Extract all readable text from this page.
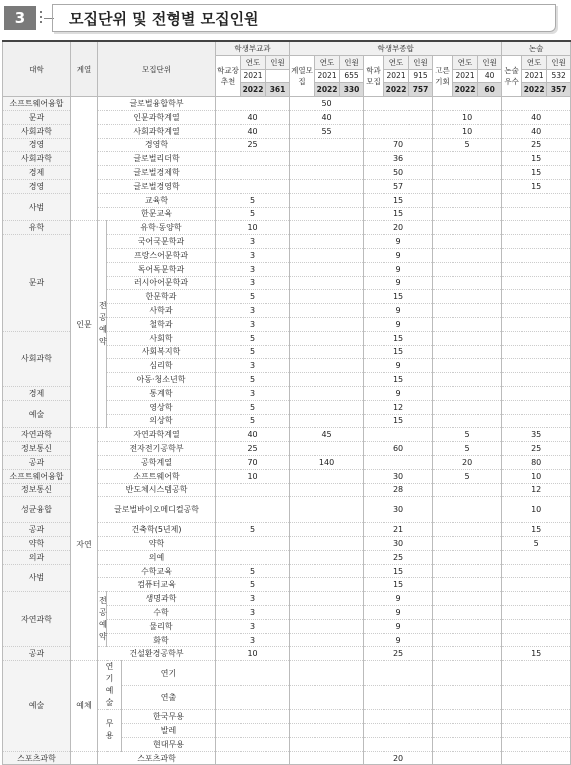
3	모집단위 및 전형별 모집인원
대학	계열	모집단위			학생부교과			학생부종합									논술		
					학교장추천	연도	인원	계열모집	연도	인원	학과모집	연도	인원	고른기회	연도	인원	논술우수	연도	인원
						2021			2021	655		2021	915		2021	40		2021	532
						2022	361		2022	330		2022	757		2022	60		2022	357
소프트웨어융합		글로벌융합학부						50											
문과		인문과학계열			40			40						10			40		
사회과학		사회과학계열			40			55						10			40		
경영		경영학			25						70			5			25		
사회과학		글로벌리더학									36						15		
경제		글로벌경제학									50						15		
경영		글로벌경영학									57						15		
사범		교육학			5						15								
		한문교육			5						15								
유학	인문	전공예약	유학·동양학		10						20								
문과			국어국문학과		3						9								
			프랑스어문학과		3						9								
			독어독문학과		3						9								
			러시아어문학과		3						9								
			한문학과		5						15								
			사학과		3						9								
			철학과		3						9								
사회과학			사회학		5						15								
			사회복지학		5						15								
			심리학		3						9								
			아동·청소년학		5						15								
경제			통계학		3						9								
예술			영상학		5						12								
			의상학		5						15								
자연과학	자연	자연과학계열			40			45						5			35		
정보통신		전자전기공학부			25						60			5			25		
공과		공학계열			70			140						20			80		
소프트웨어융합		소프트웨어학			10						30			5			10		
정보통신		반도체시스템공학									28						12		
성균융합		글로벌바이오메디컬공학									30						10		
공과		건축학(5년제)			5						21						15		
약학		약학									30						5		
의과		의예									25								
사범		수학교육			5						15								
		컴퓨터교육			5						15								
자연과학		전공예약	생명과학		3						9								
			수학		3						9								
			물리학		3						9								
			화학		3						9								
공과		건설환경공학부			10						25						15		
예술	예체	연기예술		연기															
				연출															
		무용		한국무용															
				발레															
				현대무용															
스포츠과학		스포츠과학									20								
